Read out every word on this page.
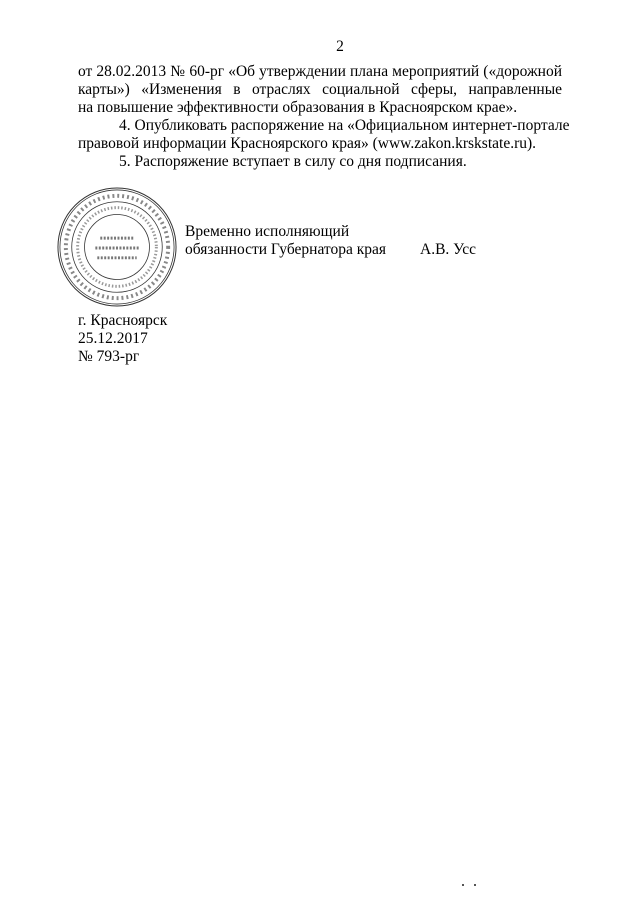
2
от 28.02.2013 № 60-рг «Об утверждении плана мероприятий («дорожной
карты») «Изменения в отраслях социальной сферы, направленные
на повышение эффективности образования в Красноярском крае».
4. Опубликовать распоряжение на «Официальном интернет-портале
правовой информации Красноярского края» (www.zakon.krskstate.ru).
5. Распоряжение вступает в силу со дня подписания.
Временно исполняющий
обязанности Губернатора края А.В. Усс
г. Красноярск
25.12.2017
№ 793-рг
